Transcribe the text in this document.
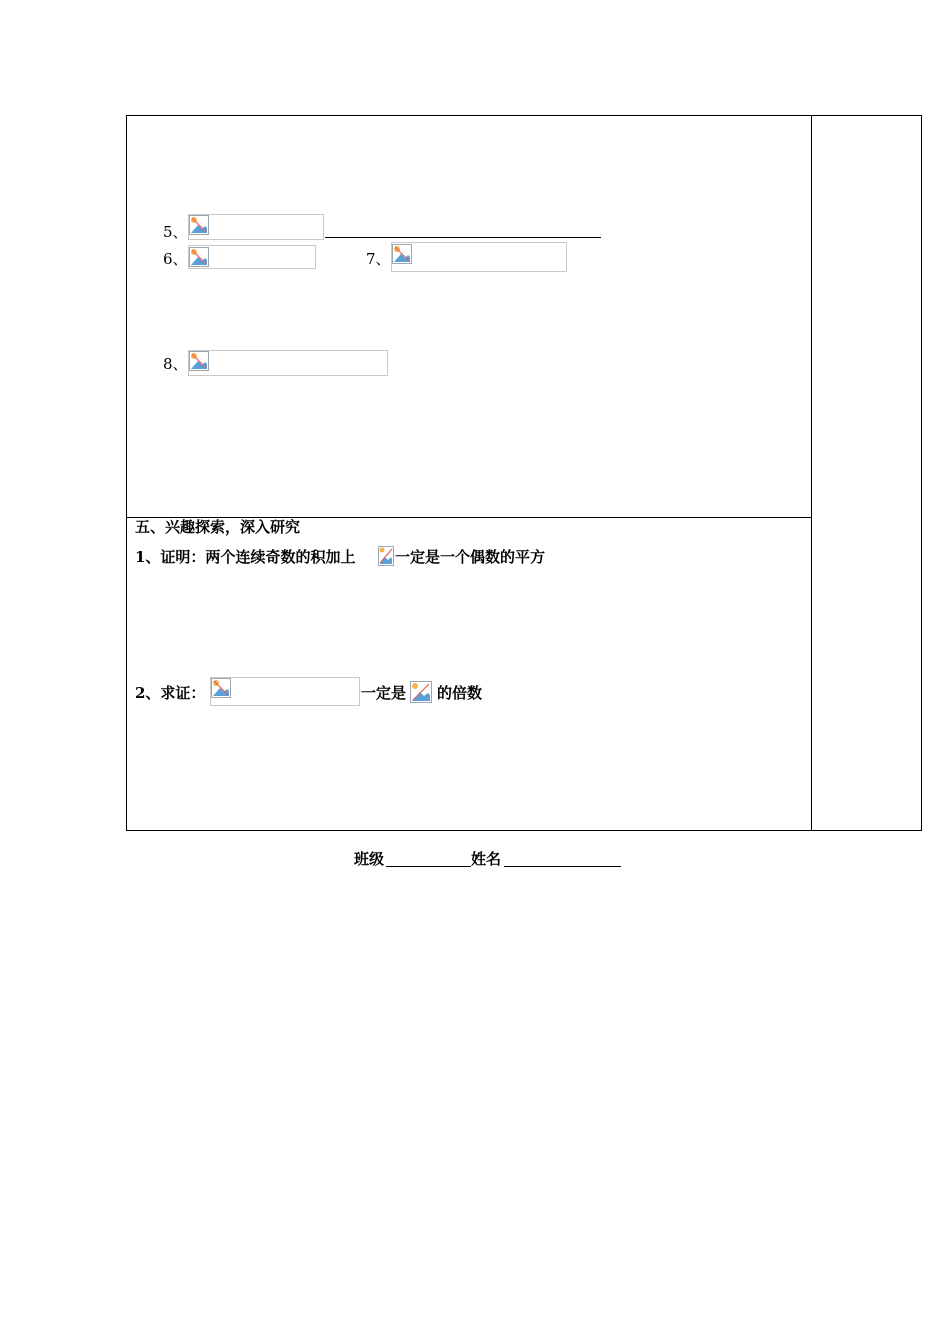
5、
6、	7、
8、
五、兴趣探索，深入研究
1、证明：两个连续奇数的积加上	一定是一个偶数的平方
2、求证：	一定是 的倍数
班级	姓名
